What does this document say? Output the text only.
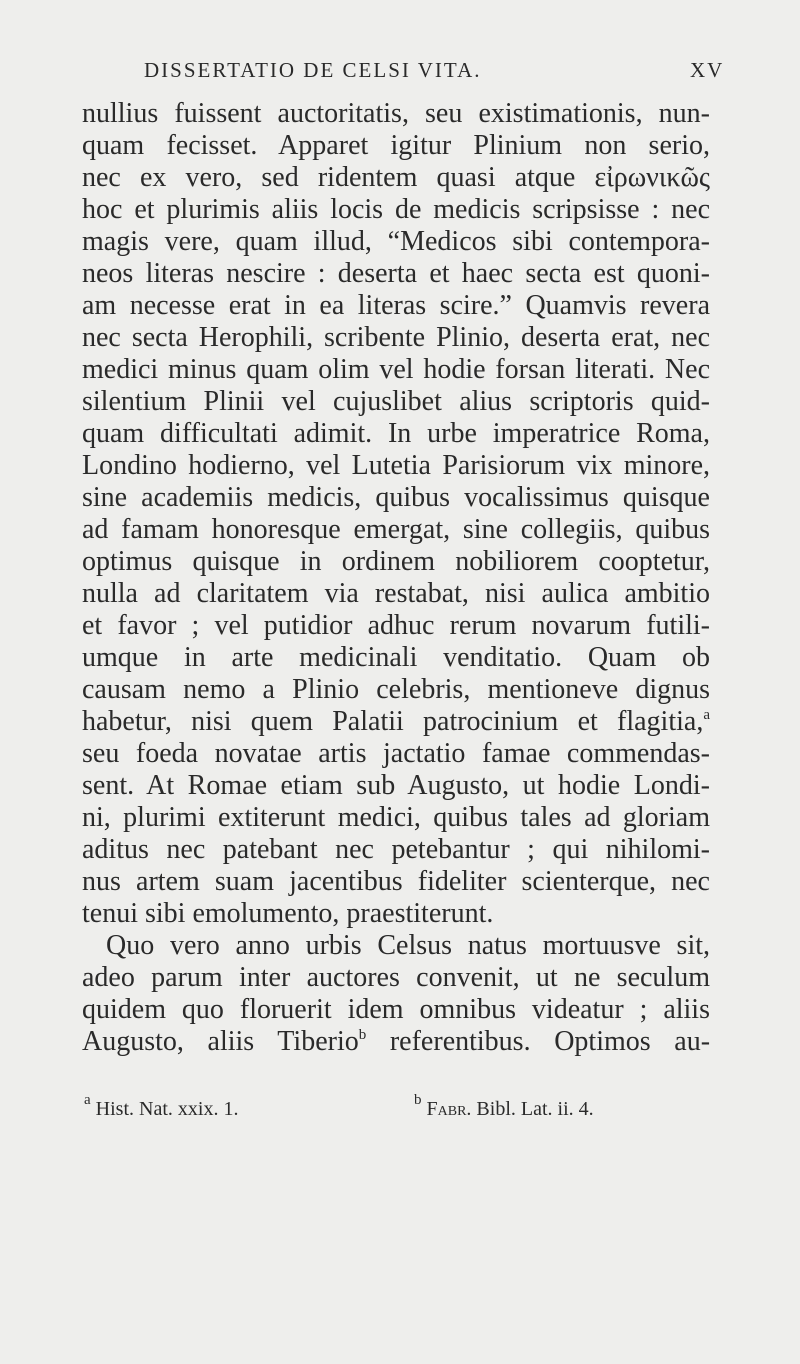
DISSERTATIO DE CELSI VITA.	XV
nullius fuissent auctoritatis, seu existimationis, nun-
quam fecisset. Apparet igitur Plinium non serio,
nec ex vero, sed ridentem quasi atque εἰρωνικῶς
hoc et plurimis aliis locis de medicis scripsisse : nec
magis vere, quam illud, “Medicos sibi contempora-
neos literas nescire : deserta et haec secta est quoni-
am necesse erat in ea literas scire.” Quamvis revera
nec secta Herophili, scribente Plinio, deserta erat, nec
medici minus quam olim vel hodie forsan literati. Nec
silentium Plinii vel cujuslibet alius scriptoris quid-
quam difficultati adimit. In urbe imperatrice Roma,
Londino hodierno, vel Lutetia Parisiorum vix minore,
sine academiis medicis, quibus vocalissimus quisque
ad famam honoresque emergat, sine collegiis, quibus
optimus quisque in ordinem nobiliorem cooptetur,
nulla ad claritatem via restabat, nisi aulica ambitio
et favor ; vel putidior adhuc rerum novarum futili-
umque in arte medicinali venditatio. Quam ob
causam nemo a Plinio celebris, mentioneve dignus
habetur, nisi quem Palatii patrocinium et flagitia,$^a$
seu foeda novatae artis jactatio famae commendas-
sent. At Romae etiam sub Augusto, ut hodie Londi-
ni, plurimi extiterunt medici, quibus tales ad gloriam
aditus nec patebant nec petebantur ; qui nihilomi-
nus artem suam jacentibus fideliter scienterque, nec
tenui sibi emolumento, praestiterunt.
Quo vero anno urbis Celsus natus mortuusve sit,
adeo parum inter auctores convenit, ut ne seculum
quidem quo floruerit idem omnibus videatur ; aliis
Augusto, aliis Tiberio$^b$ referentibus. Optimos au-
$^a$ Hist. Nat. xxix. 1.	$^b$ Fabr. Bibl. Lat. ii. 4.
